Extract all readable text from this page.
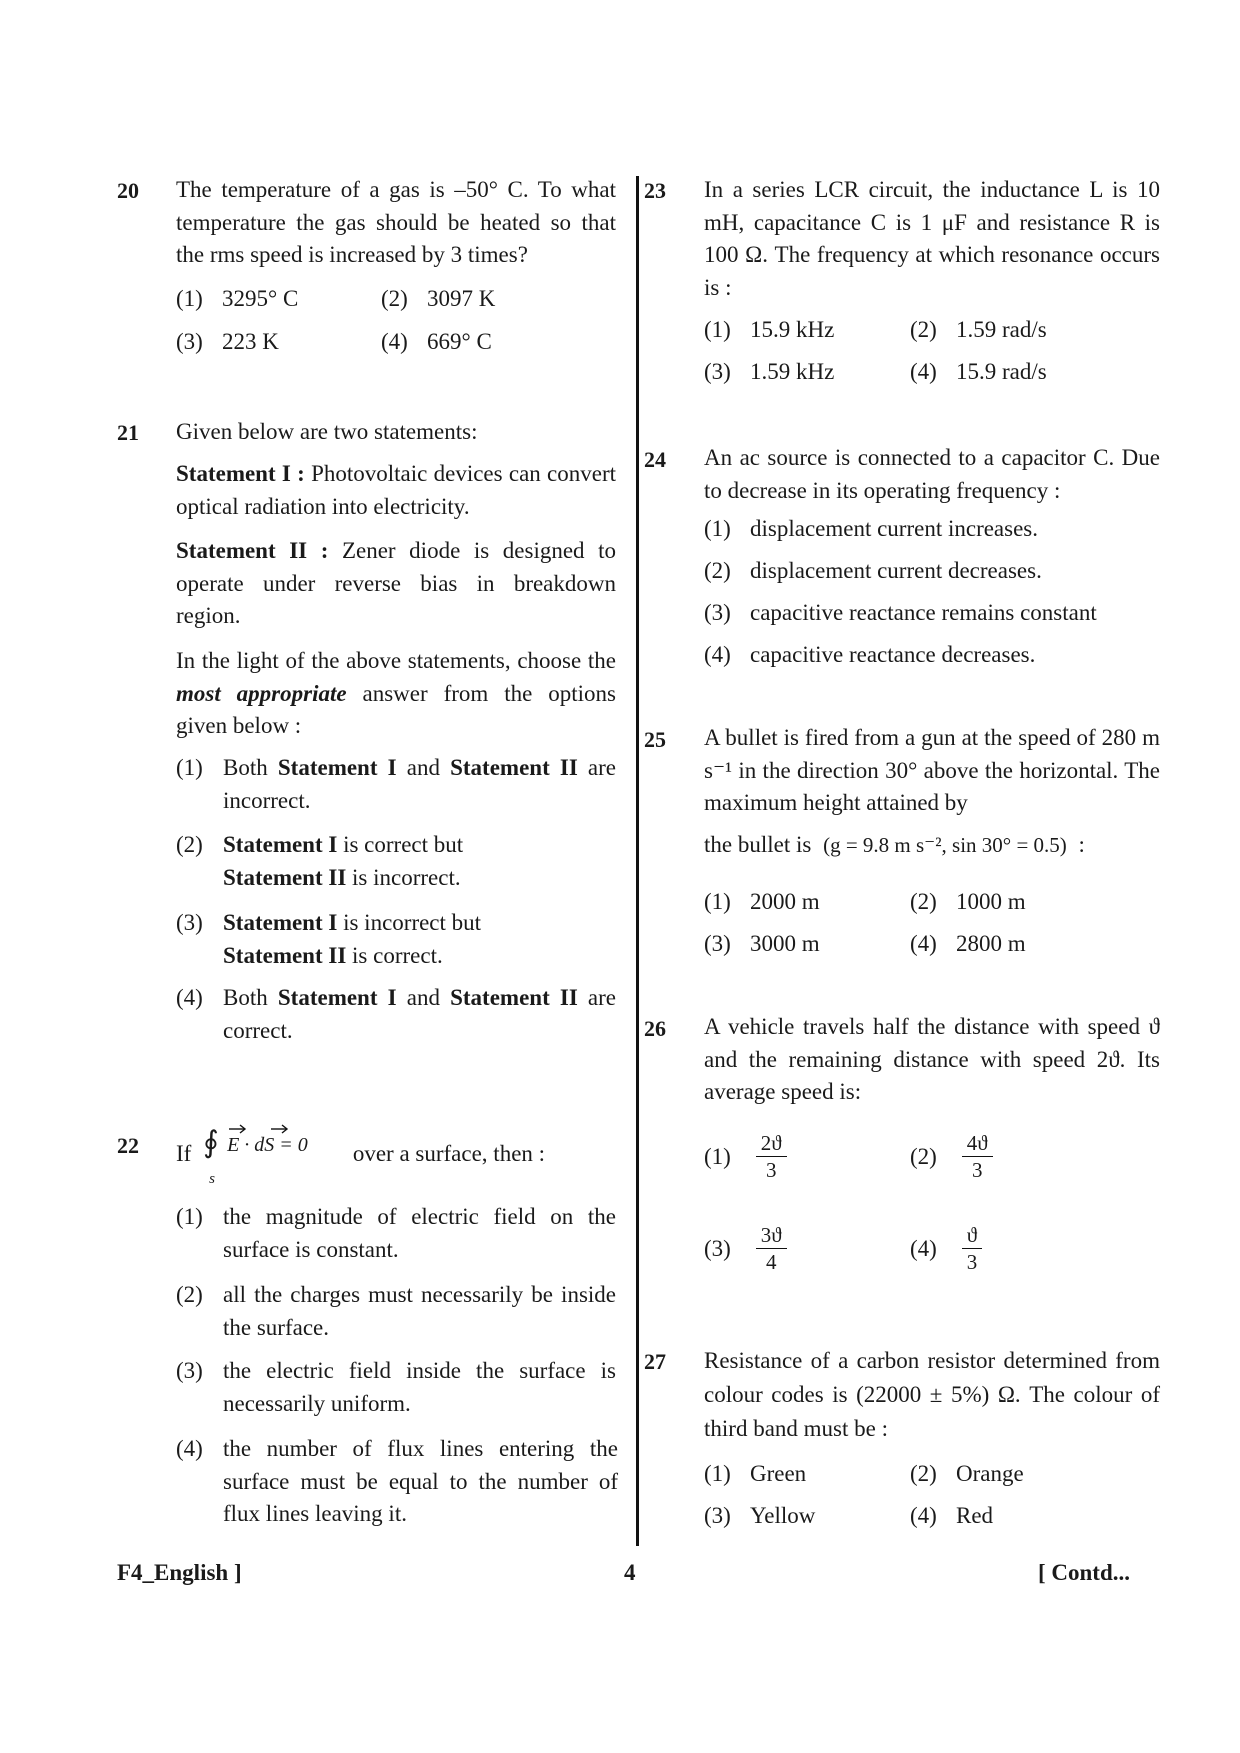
20 The temperature of a gas is –50° C. To what temperature the gas should be heated so that the rms speed is increased by 3 times?
(1) 3295° C	(2) 3097 K
(3) 223 K	(4) 669° C
21 Given below are two statements:
Statement I : Photovoltaic devices can convert optical radiation into electricity.
Statement II : Zener diode is designed to operate under reverse bias in breakdown region.
In the light of the above statements, choose the most appropriate answer from the options given below :
(1) Both Statement I and Statement II are incorrect.
(2) Statement I is correct but Statement II is incorrect.
(3) Statement I is incorrect but Statement II is correct.
(4) Both Statement I and Statement II are correct.
22 If ∮
s
E · dS = 0 over a surface, then :
(1) the magnitude of electric field on the surface is constant.
(2) all the charges must necessarily be inside the surface.
(3) the electric field inside the surface is necessarily uniform.
(4) the number of flux lines entering the surface must be equal to the number of flux lines leaving it.
23 In a series LCR circuit, the inductance L is 10 mH, capacitance C is 1 μF and resistance R is 100 Ω. The frequency at which resonance occurs is :
(1) 15.9 kHz	(2) 1.59 rad/s
(3) 1.59 kHz	(4) 15.9 rad/s
24 An ac source is connected to a capacitor C. Due to decrease in its operating frequency :
(1) displacement current increases.
(2) displacement current decreases.
(3) capacitive reactance remains constant
(4) capacitive reactance decreases.
25 A bullet is fired from a gun at the speed of 280 m s⁻¹ in the direction 30° above the horizontal. The maximum height attained by
the bullet is (g = 9.8 m s⁻², sin 30° = 0.5) :
(1) 2000 m	(2) 1000 m
(3) 3000 m	(4) 2800 m
26 A vehicle travels half the distance with speed ϑ and the remaining distance with speed 2ϑ. Its average speed is:
$(1) \frac{2ϑ}{3}$	$(2) \frac{4ϑ}{3}$
$(3) \frac{3ϑ}{4}$	$(4) \frac{ϑ}{3}$
27 Resistance of a carbon resistor determined from colour codes is (22000 ± 5%) Ω. The colour of third band must be :
(1) Green	(2) Orange
(3) Yellow	(4) Red
F4_English ]	4	[ Contd...
